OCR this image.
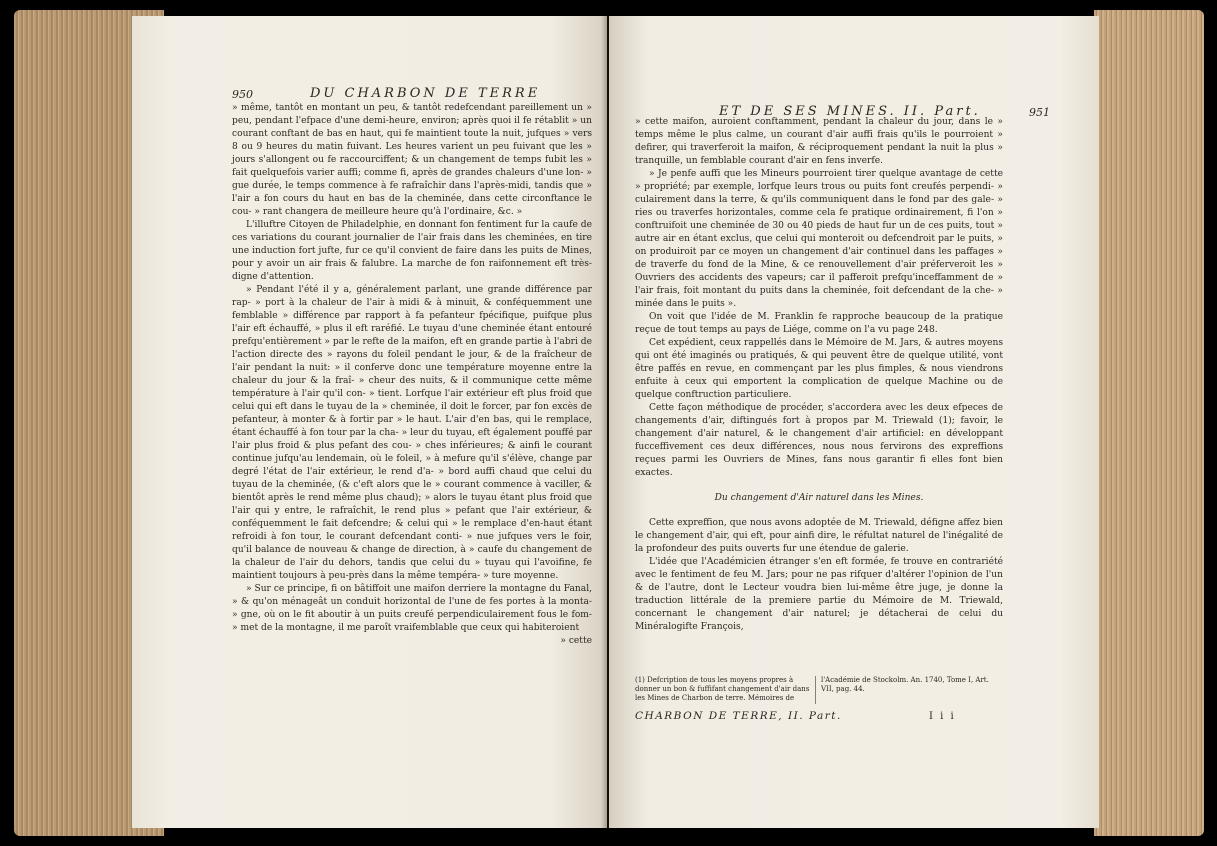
950	DU CHARBON DE TERRE

» même, tantôt en montant un peu, & tantôt redefcendant pareillement un » peu, pendant l'efpace d'une demi-heure, environ; après quoi il fe rétablit » un courant conftant de bas en haut, qui fe maintient toute la nuit, jufques » vers 8 ou 9 heures du matin fuivant. Les heures varient un peu fuivant que les » jours s'allongent ou fe raccourciffent; & un changement de temps fubit les » fait quelquefois varier auffi; comme fi, après de grandes chaleurs d'une lon- » gue durée, le temps commence à fe rafraîchir dans l'après-midi, tandis que » l'air a fon cours du haut en bas de la cheminée, dans cette circonftance le cou- » rant changera de meilleure heure qu'à l'ordinaire, &c. »

L'illuftre Citoyen de Philadelphie, en donnant fon fentiment fur la caufe de ces variations du courant journalier de l'air frais dans les cheminées, en tire une induction fort jufte, fur ce qu'il convient de faire dans les puits de Mines, pour y avoir un air frais & falubre. La marche de fon raifonnement eft très-digne d'attention.

» Pendant l'été il y a, généralement parlant, une grande différence par rap- » port à la chaleur de l'air à midi & à minuit, & conféquemment une femblable » différence par rapport à fa pefanteur fpécifique, puifque plus l'air eft échauffé, » plus il eft raréfié. Le tuyau d'une cheminée étant entouré prefqu'entièrement » par le refte de la maifon, eft en grande partie à l'abri de l'action directe des » rayons du foleil pendant le jour, & de la fraîcheur de l'air pendant la nuit: » il conferve donc une température moyenne entre la chaleur du jour & la fraî- » cheur des nuits, & il communique cette même température à l'air qu'il con- » tient. Lorfque l'air extérieur eft plus froid que celui qui eft dans le tuyau de la » cheminée, il doit le forcer, par fon excès de pefanteur, à monter & à fortir par » le haut. L'air d'en bas, qui le remplace, étant échauffé à fon tour par la cha- » leur du tuyau, eft également pouffé par l'air plus froid & plus pefant des cou- » ches inférieures; & ainfi le courant continue jufqu'au lendemain, où le foleil, » à mefure qu'il s'élève, change par degré l'état de l'air extérieur, le rend d'a- » bord auffi chaud que celui du tuyau de la cheminée, (& c'eft alors que le » courant commence à vaciller, & bientôt après le rend même plus chaud); » alors le tuyau étant plus froid que l'air qui y entre, le rafraîchit, le rend plus » pefant que l'air extérieur, & conféquemment le fait defcendre; & celui qui » le remplace d'en-haut étant refroidi à fon tour, le courant defcendant conti- » nue jufques vers le foir, qu'il balance de nouveau & change de direction, à » caufe du changement de la chaleur de l'air du dehors, tandis que celui du » tuyau qui l'avoifine, fe maintient toujours à peu-près dans la même tempéra- » ture moyenne.

» Sur ce principe, fi on bâtiffoit une maifon derriere la montagne du Fanal, » & qu'on ménageât un conduit horizontal de l'une de fes portes à la monta- » gne, où on le fit aboutir à un puits creufé perpendiculairement fous le fom- » met de la montagne, il me paroît vraifemblable que ceux qui habiteroient

» cette

ET DE SES MINES. II. Part.	951

» cette maifon, auroient conftamment, pendant la chaleur du jour, dans le » temps même le plus calme, un courant d'air auffi frais qu'ils le pourroient » defirer, qui traverferoit la maifon, & réciproquement pendant la nuit la plus » tranquille, un femblable courant d'air en fens inverfe.

» Je penfe auffi que les Mineurs pourroient tirer quelque avantage de cette » propriété; par exemple, lorfque leurs trous ou puits font creufés perpendi- » culairement dans la terre, & qu'ils communiquent dans le fond par des gale- » ries ou traverfes horizontales, comme cela fe pratique ordinairement, fi l'on » conftruifoit une cheminée de 30 ou 40 pieds de haut fur un de ces puits, tout » autre air en étant exclus, que celui qui monteroit ou defcendroit par le puits, » on produiroit par ce moyen un changement d'air continuel dans les paffages » de traverfe du fond de la Mine, & ce renouvellement d'air préferveroit les » Ouvriers des accidents des vapeurs; car il pafferoit prefqu'inceffamment de » l'air frais, foit montant du puits dans la cheminée, foit defcendant de la che- » minée dans le puits ».

On voit que l'idée de M. Franklin fe rapproche beaucoup de la pratique reçue de tout temps au pays de Liége, comme on l'a vu page 248.

Cet expédient, ceux rappellés dans le Mémoire de M. Jars, & autres moyens qui ont été imaginés ou pratiqués, & qui peuvent être de quelque utilité, vont être paffés en revue, en commençant par les plus fimples, & nous viendrons enfuite à ceux qui emportent la complication de quelque Machine ou de quelque conftruction particuliere.

Cette façon méthodique de procéder, s'accordera avec les deux efpeces de changements d'air, diftingués fort à propos par M. Triewald (1); favoir, le changement d'air naturel, & le changement d'air artificiel: en développant fucceffivement ces deux différences, nous nous fervirons des expreffions reçues parmi les Ouvriers de Mines, fans nous garantir fi elles font bien exactes.

Du changement d'Air naturel dans les Mines.

Cette expreffion, que nous avons adoptée de M. Triewald, défigne affez bien le changement d'air, qui eft, pour ainfi dire, le réfultat naturel de l'inégalité de la profondeur des puits ouverts fur une étendue de galerie.

L'idée que l'Académicien étranger s'en eft formée, fe trouve en contrariété avec le fentiment de feu M. Jars; pour ne pas rifquer d'altérer l'opinion de l'un & de l'autre, dont le Lecteur voudra bien lui-même être juge, je donne la traduction littérale de la premiere partie du Mémoire de M. Triewald, concernant le changement d'air naturel; je détacherai de celui du Minéralogifte François,

(1) Defcription de tous les moyens propres à donner un bon & fuffifant changement d'air dans les Mines de Charbon de terre. Mémoires de
l'Académie de Stockolm. An. 1740, Tome I, Art. VII, pag. 44.
CHARBON DE TERRE, II. Part.	I i i
